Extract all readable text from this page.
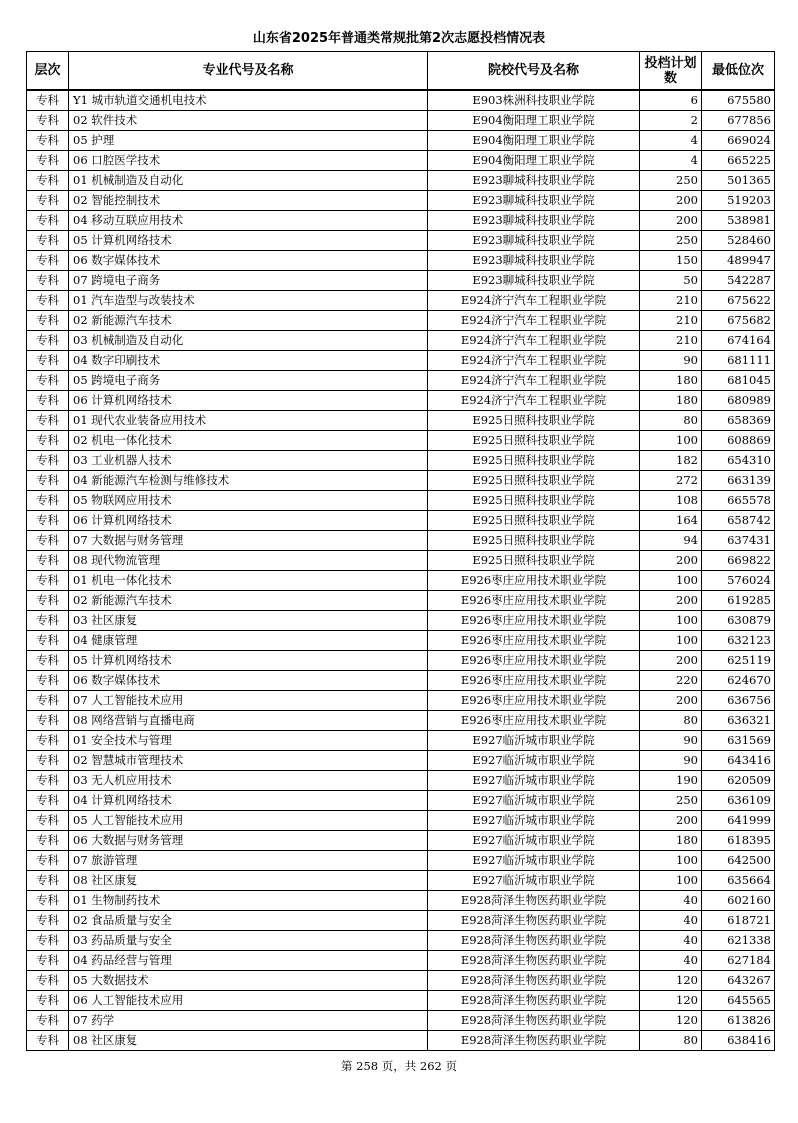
山东省2025年普通类常规批第2次志愿投档情况表
层次	专业代号及名称	院校代号及名称	投档计划数	最低位次
专科	Y1 城市轨道交通机电技术	E903株洲科技职业学院	6	675580
专科	02 软件技术	E904衡阳理工职业学院	2	677856
专科	05 护理	E904衡阳理工职业学院	4	669024
专科	06 口腔医学技术	E904衡阳理工职业学院	4	665225
专科	01 机械制造及自动化	E923聊城科技职业学院	250	501365
专科	02 智能控制技术	E923聊城科技职业学院	200	519203
专科	04 移动互联应用技术	E923聊城科技职业学院	200	538981
专科	05 计算机网络技术	E923聊城科技职业学院	250	528460
专科	06 数字媒体技术	E923聊城科技职业学院	150	489947
专科	07 跨境电子商务	E923聊城科技职业学院	50	542287
专科	01 汽车造型与改装技术	E924济宁汽车工程职业学院	210	675622
专科	02 新能源汽车技术	E924济宁汽车工程职业学院	210	675682
专科	03 机械制造及自动化	E924济宁汽车工程职业学院	210	674164
专科	04 数字印刷技术	E924济宁汽车工程职业学院	90	681111
专科	05 跨境电子商务	E924济宁汽车工程职业学院	180	681045
专科	06 计算机网络技术	E924济宁汽车工程职业学院	180	680989
专科	01 现代农业装备应用技术	E925日照科技职业学院	80	658369
专科	02 机电一体化技术	E925日照科技职业学院	100	608869
专科	03 工业机器人技术	E925日照科技职业学院	182	654310
专科	04 新能源汽车检测与维修技术	E925日照科技职业学院	272	663139
专科	05 物联网应用技术	E925日照科技职业学院	108	665578
专科	06 计算机网络技术	E925日照科技职业学院	164	658742
专科	07 大数据与财务管理	E925日照科技职业学院	94	637431
专科	08 现代物流管理	E925日照科技职业学院	200	669822
专科	01 机电一体化技术	E926枣庄应用技术职业学院	100	576024
专科	02 新能源汽车技术	E926枣庄应用技术职业学院	200	619285
专科	03 社区康复	E926枣庄应用技术职业学院	100	630879
专科	04 健康管理	E926枣庄应用技术职业学院	100	632123
专科	05 计算机网络技术	E926枣庄应用技术职业学院	200	625119
专科	06 数字媒体技术	E926枣庄应用技术职业学院	220	624670
专科	07 人工智能技术应用	E926枣庄应用技术职业学院	200	636756
专科	08 网络营销与直播电商	E926枣庄应用技术职业学院	80	636321
专科	01 安全技术与管理	E927临沂城市职业学院	90	631569
专科	02 智慧城市管理技术	E927临沂城市职业学院	90	643416
专科	03 无人机应用技术	E927临沂城市职业学院	190	620509
专科	04 计算机网络技术	E927临沂城市职业学院	250	636109
专科	05 人工智能技术应用	E927临沂城市职业学院	200	641999
专科	06 大数据与财务管理	E927临沂城市职业学院	180	618395
专科	07 旅游管理	E927临沂城市职业学院	100	642500
专科	08 社区康复	E927临沂城市职业学院	100	635664
专科	01 生物制药技术	E928菏泽生物医药职业学院	40	602160
专科	02 食品质量与安全	E928菏泽生物医药职业学院	40	618721
专科	03 药品质量与安全	E928菏泽生物医药职业学院	40	621338
专科	04 药品经营与管理	E928菏泽生物医药职业学院	40	627184
专科	05 大数据技术	E928菏泽生物医药职业学院	120	643267
专科	06 人工智能技术应用	E928菏泽生物医药职业学院	120	645565
专科	07 药学	E928菏泽生物医药职业学院	120	613826
专科	08 社区康复	E928菏泽生物医药职业学院	80	638416
第 258 页，共 262 页
